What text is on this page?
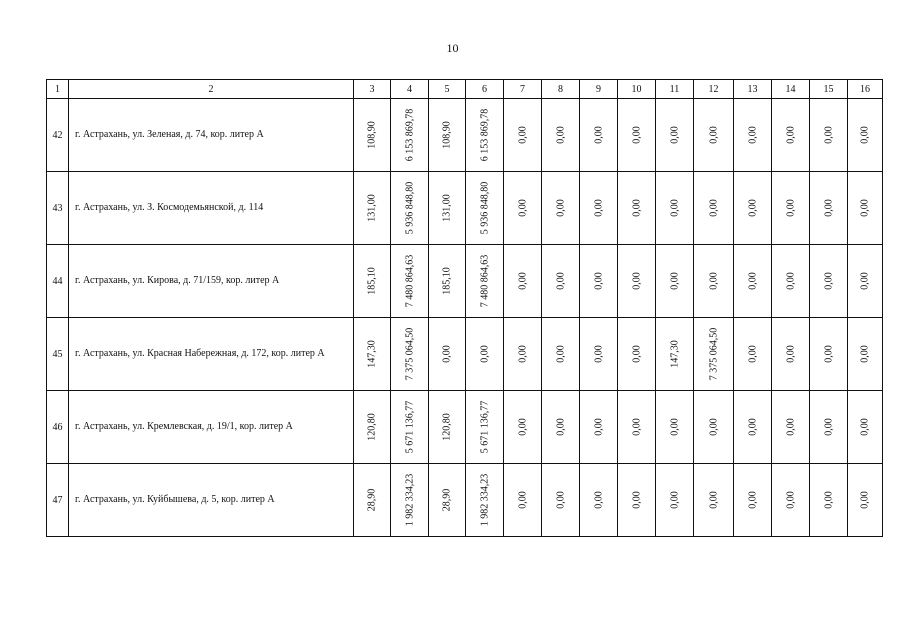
10
1	2	3	4	5	6	7	8	9	10	11	12	13	14	15	16
42	г. Астрахань, ул. Зеленая, д. 74, кор. литер А	108,90	6 153 869,78	108,90	6 153 869,78	0,00	0,00	0,00	0,00	0,00	0,00	0,00	0,00	0,00	0,00

43	г. Астрахань, ул. З. Космодемьянской, д. 114	131,00	5 936 848,80	131,00	5 936 848,80	0,00	0,00	0,00	0,00	0,00	0,00	0,00	0,00	0,00	0,00

44	г. Астрахань, ул. Кирова, д. 71/159, кор. литер А	185,10	7 480 864,63	185,10	7 480 864,63	0,00	0,00	0,00	0,00	0,00	0,00	0,00	0,00	0,00	0,00

45	г. Астрахань, ул. Красная Набережная, д. 172, кор. литер А	147,30	7 375 064,50	0,00	0,00	0,00	0,00	0,00	0,00	147,30	7 375 064,50	0,00	0,00	0,00	0,00

46	г. Астрахань, ул. Кремлевская, д. 19/1, кор. литер А	120,80	5 671 136,77	120,80	5 671 136,77	0,00	0,00	0,00	0,00	0,00	0,00	0,00	0,00	0,00	0,00

47	г. Астрахань, ул. Куйбышева, д. 5, кор. литер А	28,90	1 982 334,23	28,90	1 982 334,23	0,00	0,00	0,00	0,00	0,00	0,00	0,00	0,00	0,00	0,00
